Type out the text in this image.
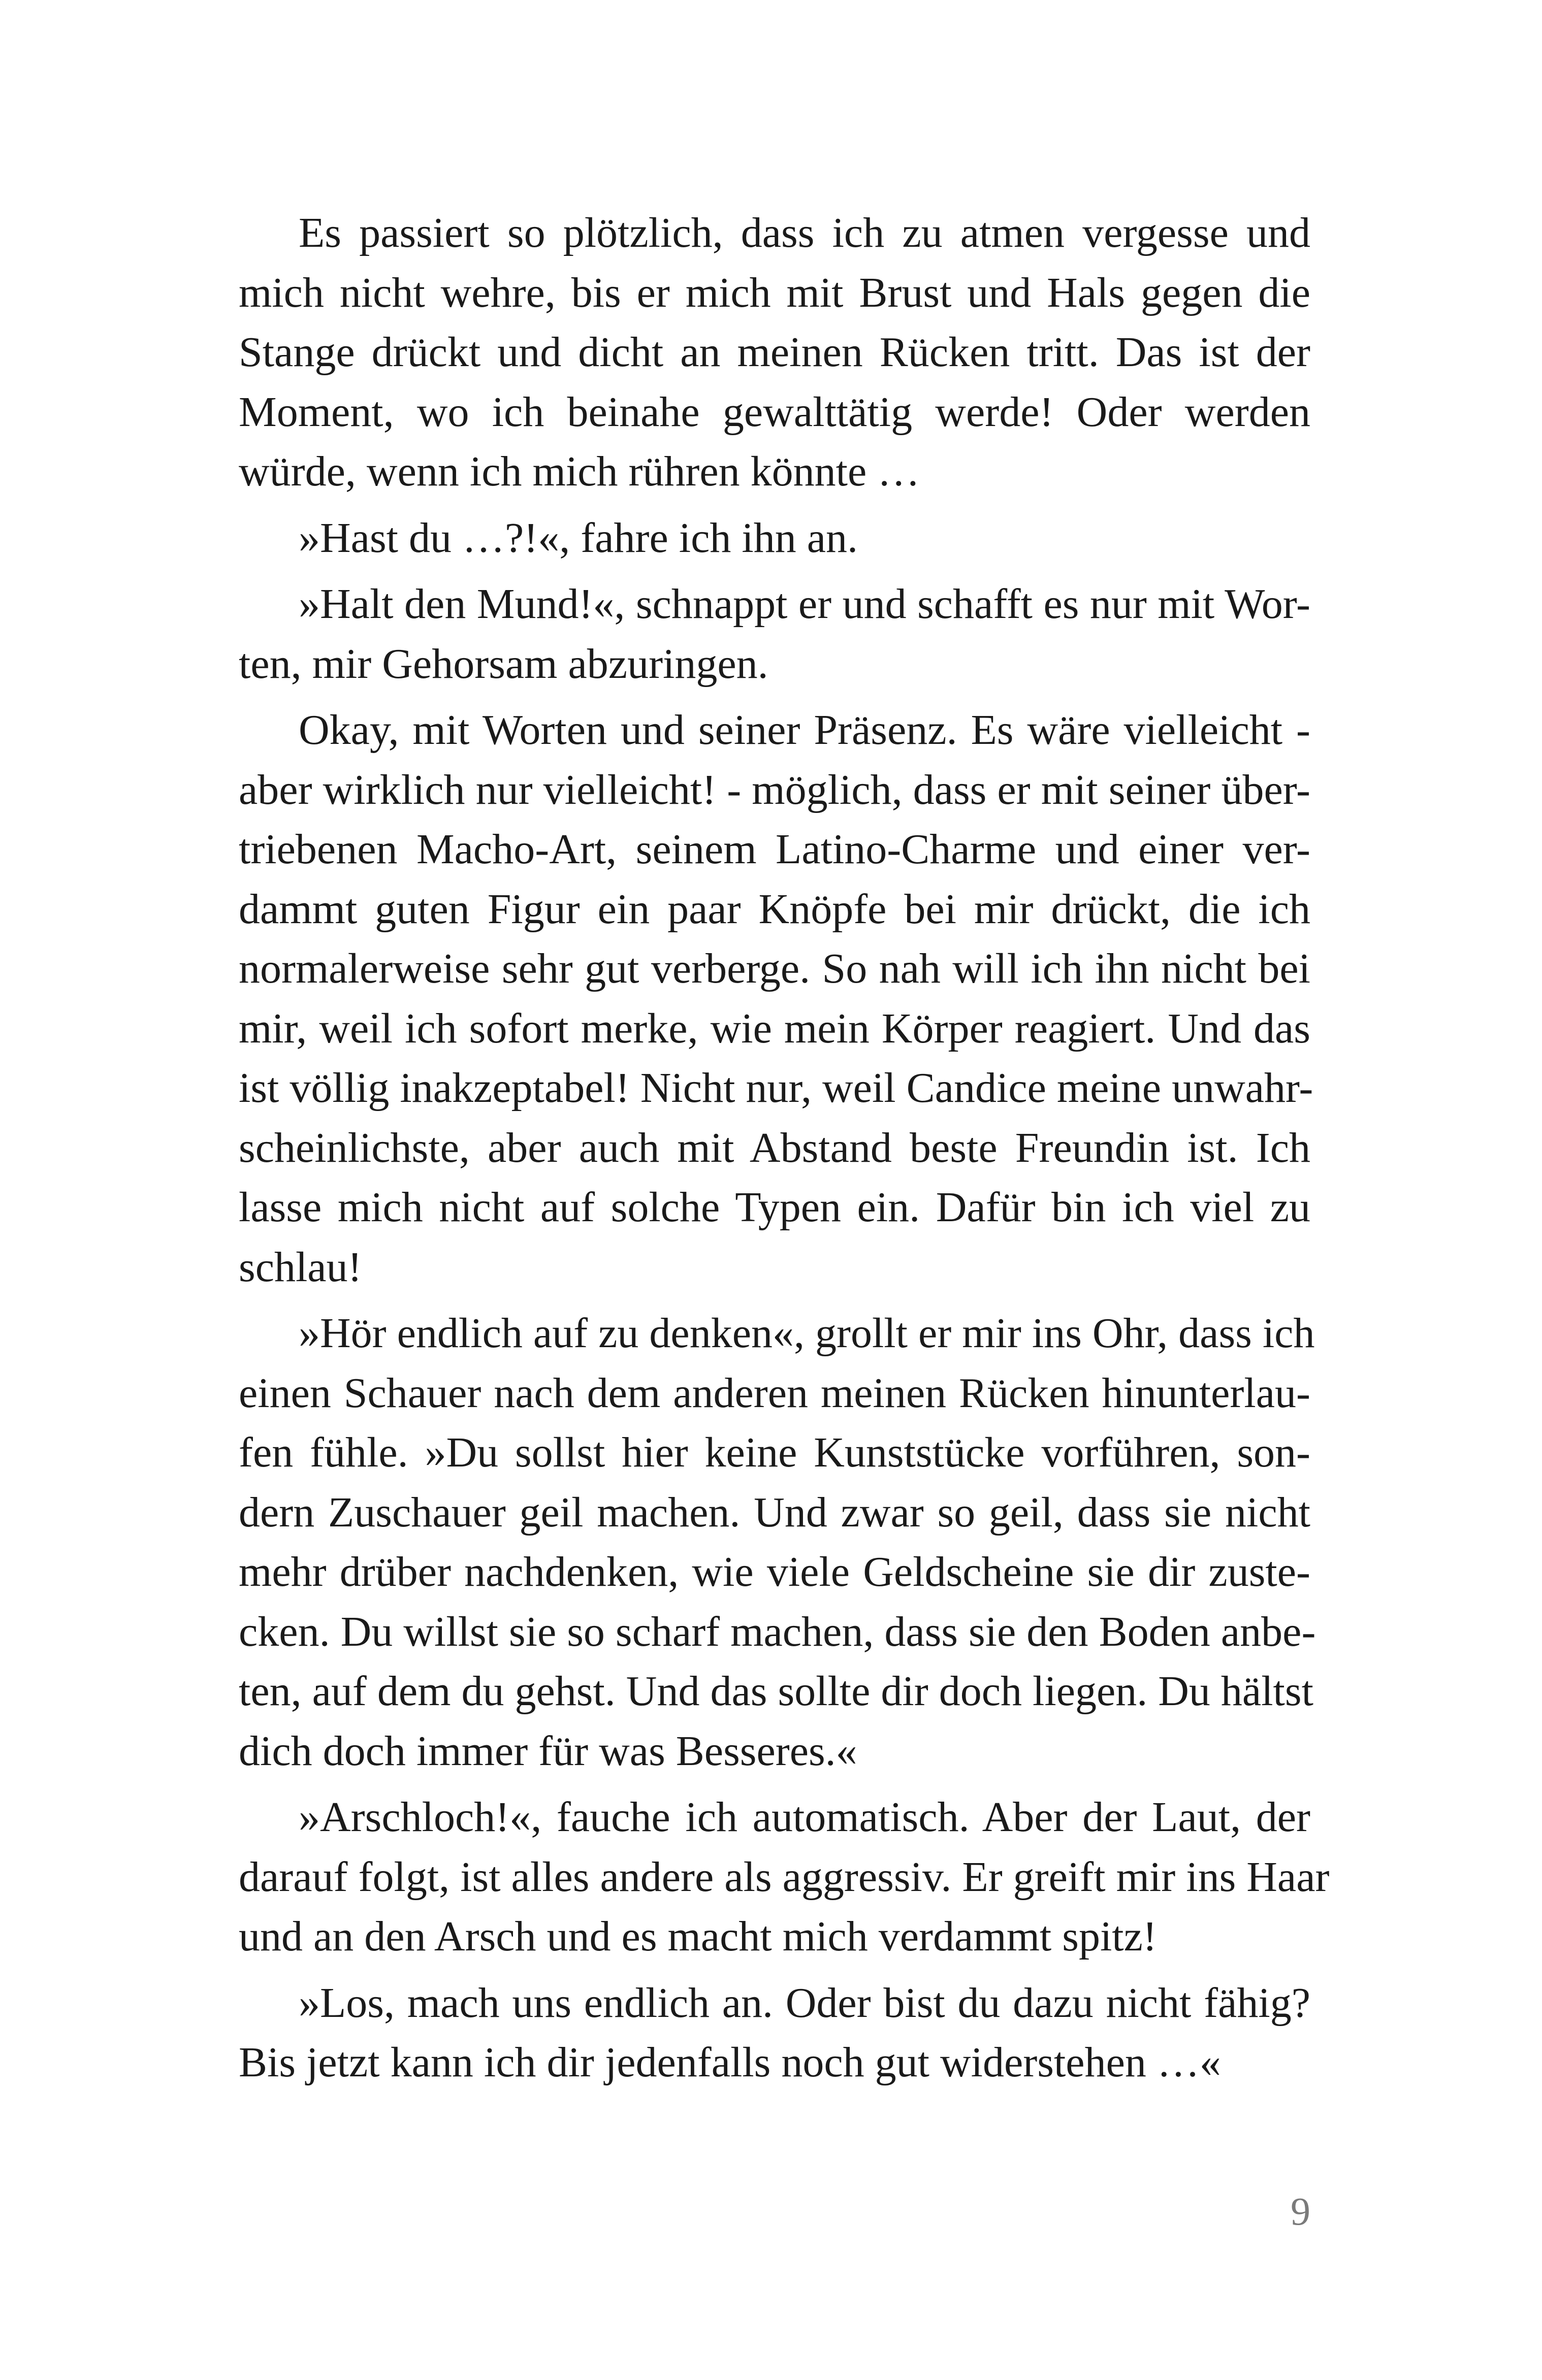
Es passiert so plötzlich, dass ich zu atmen vergesse und
mich nicht wehre, bis er mich mit Brust und Hals gegen die
Stange drückt und dicht an meinen Rücken tritt. Das ist der
Moment, wo ich beinahe gewalttätig werde! Oder werden
würde, wenn ich mich rühren könnte …
»Hast du …?!«, fahre ich ihn an.
»Halt den Mund!«, schnappt er und schafft es nur mit Wor-
ten, mir Gehorsam abzuringen.
Okay, mit Worten und seiner Präsenz. Es wäre vielleicht -
aber wirklich nur vielleicht! - möglich, dass er mit seiner über-
triebenen Macho-Art, seinem Latino-Charme und einer ver-
dammt guten Figur ein paar Knöpfe bei mir drückt, die ich
normalerweise sehr gut verberge. So nah will ich ihn nicht bei
mir, weil ich sofort merke, wie mein Körper reagiert. Und das
ist völlig inakzeptabel! Nicht nur, weil Candice meine unwahr-
scheinlichste, aber auch mit Abstand beste Freundin ist. Ich
lasse mich nicht auf solche Typen ein. Dafür bin ich viel zu
schlau!
»Hör endlich auf zu denken«, grollt er mir ins Ohr, dass ich
einen Schauer nach dem anderen meinen Rücken hinunterlau-
fen fühle. »Du sollst hier keine Kunststücke vorführen, son-
dern Zuschauer geil machen. Und zwar so geil, dass sie nicht
mehr drüber nachdenken, wie viele Geldscheine sie dir zuste-
cken. Du willst sie so scharf machen, dass sie den Boden anbe-
ten, auf dem du gehst. Und das sollte dir doch liegen. Du hältst
dich doch immer für was Besseres.«
»Arschloch!«, fauche ich automatisch. Aber der Laut, der
darauf folgt, ist alles andere als aggressiv. Er greift mir ins Haar
und an den Arsch und es macht mich verdammt spitz!
»Los, mach uns endlich an. Oder bist du dazu nicht fähig?
Bis jetzt kann ich dir jedenfalls noch gut widerstehen …«
9
